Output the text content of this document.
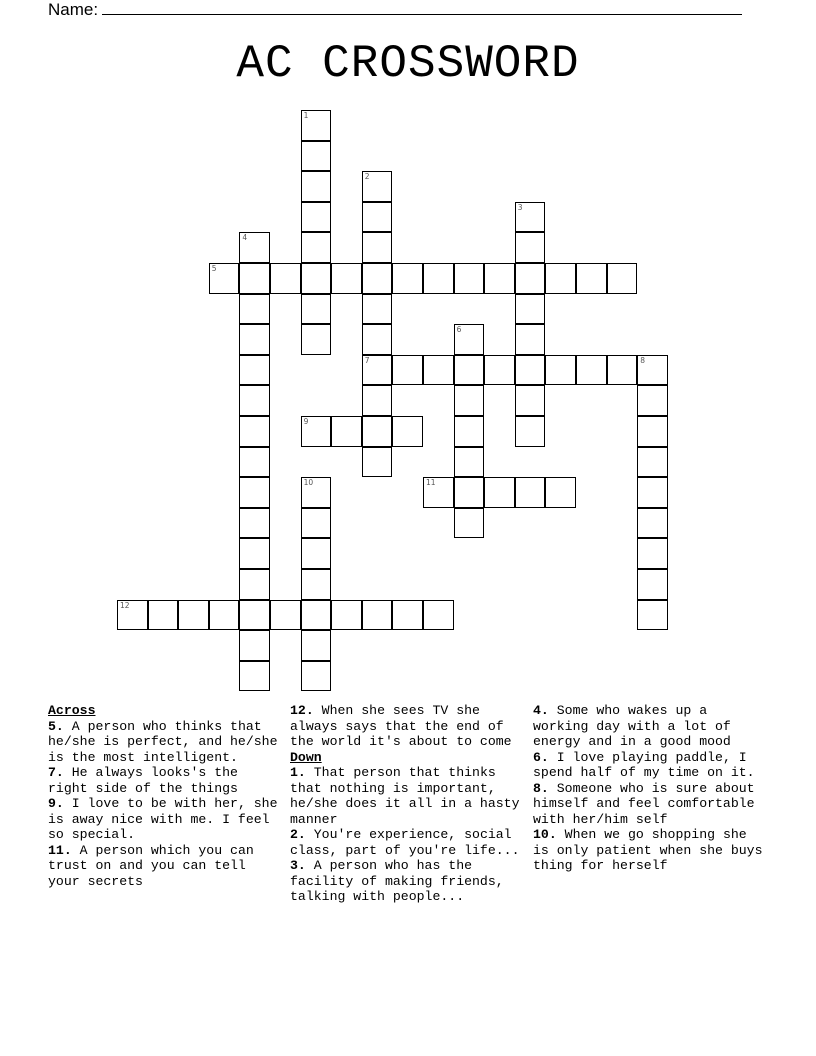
Name:
AC CROSSWORD
1
2
7
3
4
5
6
8
9
10	11
12
Across

5. A person who thinks that he/she is perfect, and he/she is the most intelligent.

7. He always looks's the right side of the things

9. I love to be with her, she is away nice with me. I feel so special.

11. A person which you can trust on and you can tell your secrets

12. When she sees TV she always says that the end of the world it's about to come

Down

1. That person that thinks that nothing is important, he/she does it all in a hasty manner

2. You're experience, social class, part of you're life...

3. A person who has the facility of making friends, talking with people...

4. Some who wakes up a working day with a lot of energy and in a good mood

6. I love playing paddle, I spend half of my time on it.

8. Someone who is sure about himself and feel comfortable with her/him self

10. When we go shopping she is only patient when she buys thing for herself
